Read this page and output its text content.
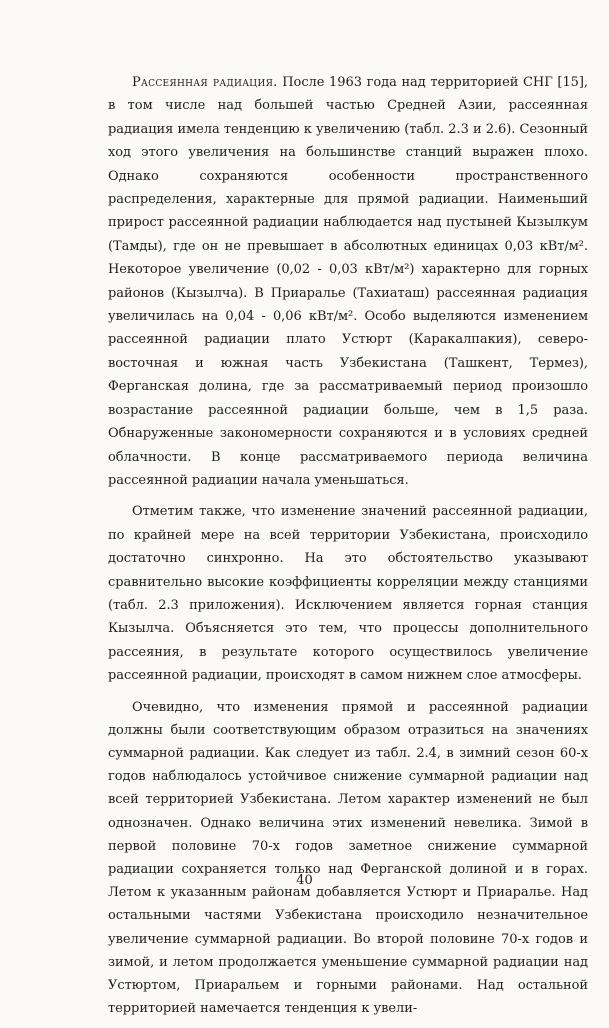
Рассеянная радиация. После 1963 года над территорией СНГ [15], в том числе над большей частью Средней Азии, рассеянная радиация имела тенденцию к увеличению (табл. 2.3 и 2.6). Сезонный ход этого увеличения на большинстве станций выражен плохо. Однако сохраняются особенности пространственного распределения, характерные для прямой радиации. Наименьший прирост рассеянной радиации наблюдается над пустыней Кызылкум (Тамды), где он не превышает в абсолютных единицах 0,03 кВт/м². Некоторое увеличение (0,02 - 0,03 кВт/м²) характерно для горных районов (Кызылча). В Приаралье (Тахиаташ) рассеянная радиация увеличилась на 0,04 - 0,06 кВт/м². Особо выделяются изменением рассеянной радиации плато Устюрт (Каракалпакия), северо-восточная и южная часть Узбекистана (Ташкент, Термез), Ферганская долина, где за рассматриваемый период произошло возрастание рассеянной радиации больше, чем в 1,5 раза. Обнаруженные закономерности сохраняются и в условиях средней облачности. В конце рассматриваемого периода величина рассеянной радиации начала уменьшаться.

Отметим также, что изменение значений рассеянной радиации, по крайней мере на всей территории Узбекистана, происходило достаточно синхронно. На это обстоятельство указывают сравнительно высокие коэффициенты корреляции между станциями (табл. 2.3 приложения). Исключением является горная станция Кызылча. Объясняется это тем, что процессы дополнительного рассеяния, в результате которого осуществилось увеличение рассеянной радиации, происходят в самом нижнем слое атмосферы.

Очевидно, что изменения прямой и рассеянной радиации должны были соответствующим образом отразиться на значениях суммарной радиации. Как следует из табл. 2.4, в зимний сезон 60-х годов наблюдалось устойчивое снижение суммарной радиации над всей территорией Узбекистана. Летом характер изменений не был однозначен. Однако величина этих изменений невелика. Зимой в первой половине 70-х годов заметное снижение суммарной радиации сохраняется только над Ферганской долиной и в горах. Летом к указанным районам добавляется Устюрт и Приаралье. Над остальными частями Узбекистана происходило незначительное увеличение суммарной радиации. Во второй половине 70-х годов и зимой, и летом продолжается уменьшение суммарной радиации над Устюртом, Приаральем и горными районами. Над остальной территорией намечается тенденция к увели-

40
